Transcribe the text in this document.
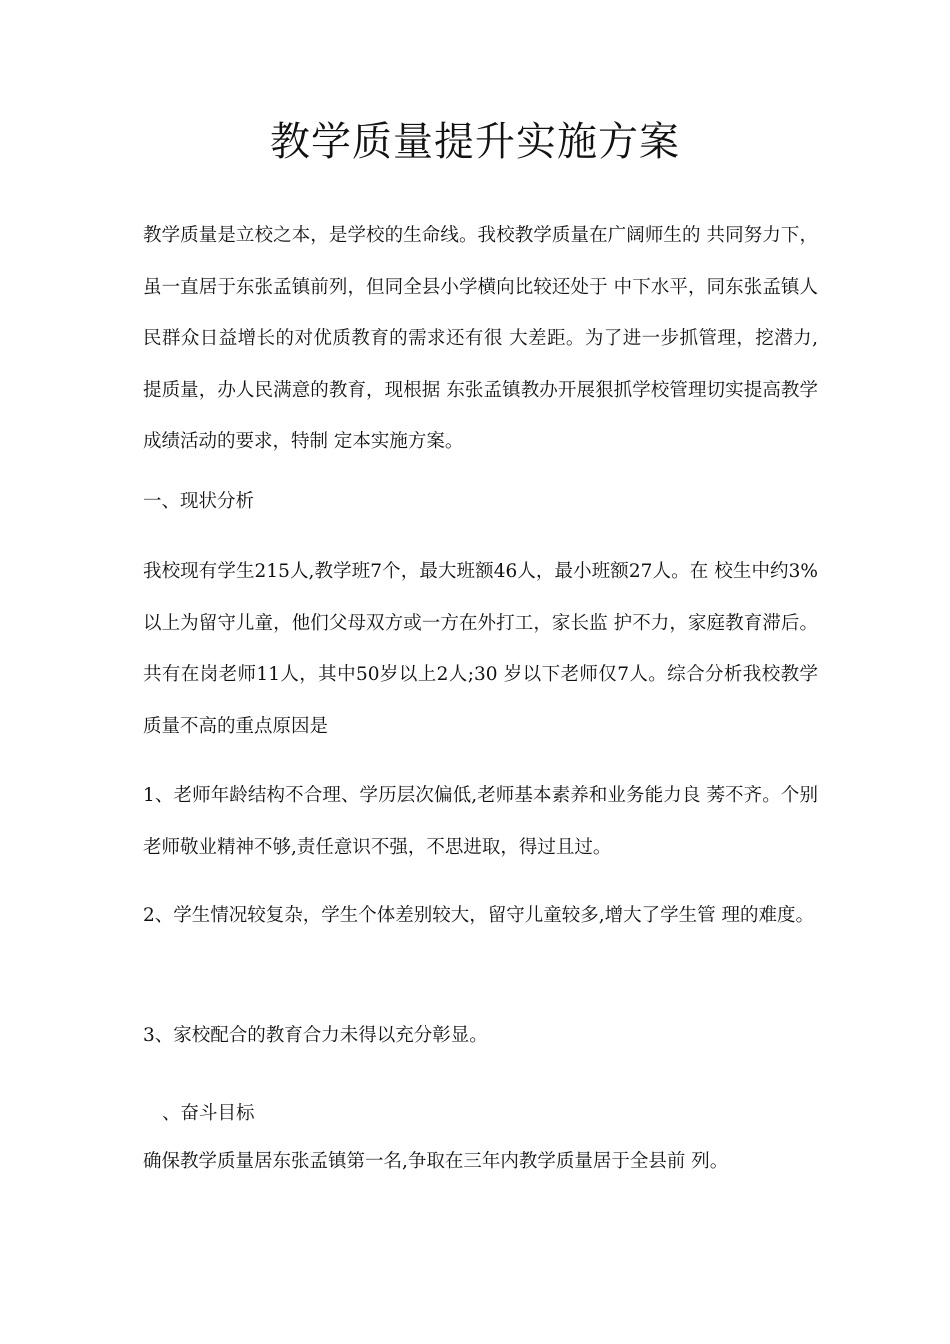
教学质量提升实施方案

教学质量是立校之本，是学校的生命线。我校教学质量在广阔师生的 共同努力下，虽一直居于东张孟镇前列，但同全县小学横向比较还处于 中下水平，同东张孟镇人民群众日益增长的对优质教育的需求还有很 大差距。为了进一步抓管理，挖潜力,提质量，办人民满意的教育，现根据 东张孟镇教办开展狠抓学校管理切实提高教学成绩活动的要求，特制 定本实施方案。

一、现状分析

我校现有学生215人,教学班7个，最大班额46人，最小班额27人。在 校生中约3%以上为留守儿童，他们父母双方或一方在外打工，家长监 护不力，家庭教育滞后。共有在岗老师11人，其中50岁以上2人;30 岁以下老师仅7人。综合分析我校教学质量不高的重点原因是

1、老师年龄结构不合理、学历层次偏低,老师基本素养和业务能力良 莠不齐。个别老师敬业精神不够,责任意识不强，不思进取，得过且过。

2、学生情况较复杂，学生个体差别较大，留守儿童较多,增大了学生管 理的难度。

3、家校配合的教育合力未得以充分彰显。

、奋斗目标

确保教学质量居东张孟镇第一名,争取在三年内教学质量居于全县前 列。
